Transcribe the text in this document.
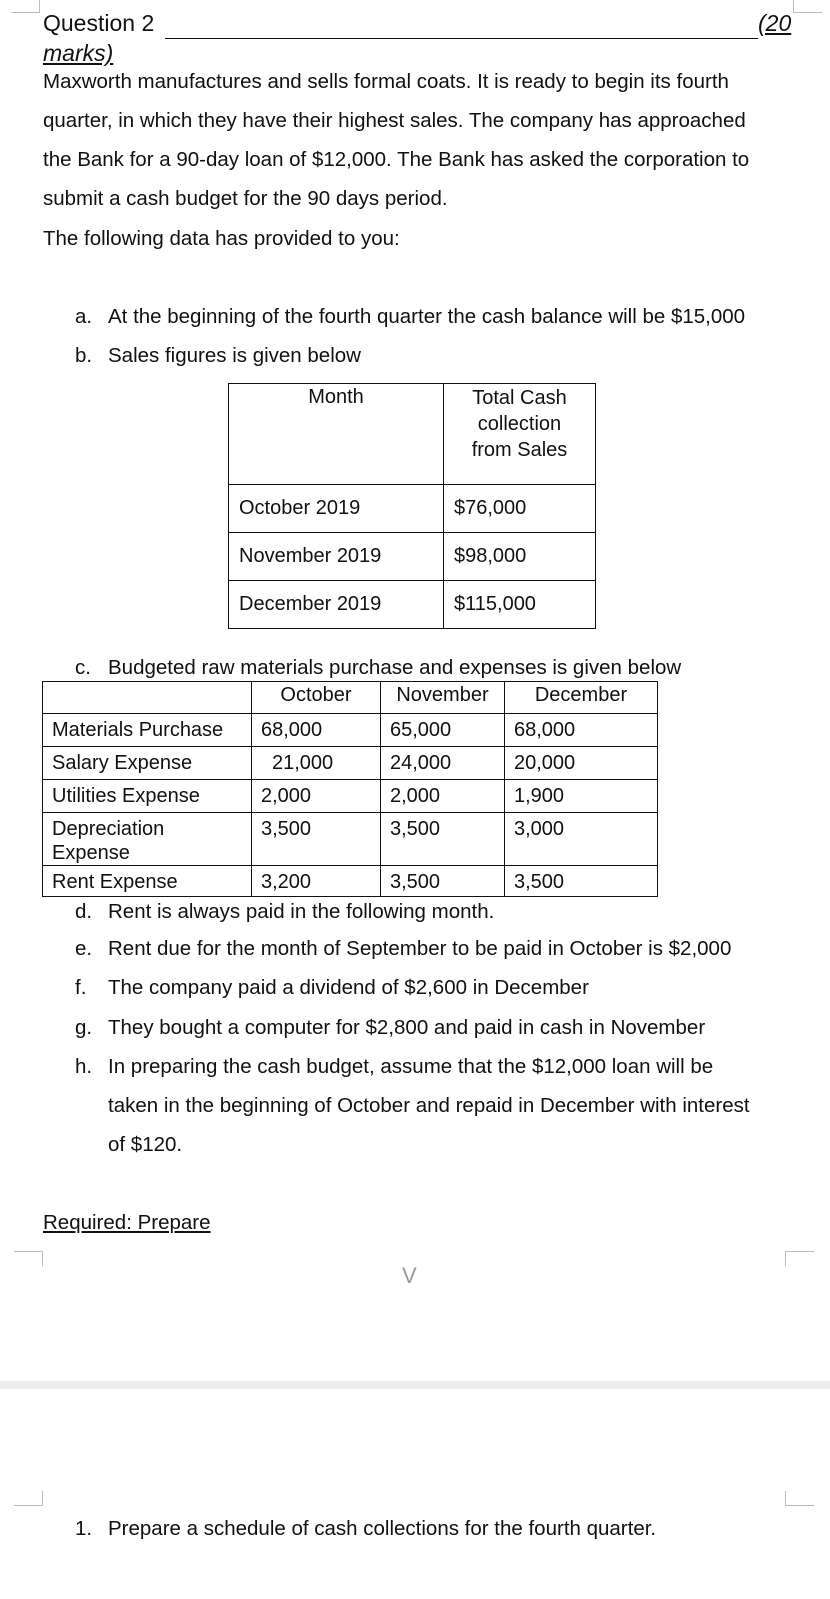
Question 2	(20
marks)
Maxworth manufactures and sells formal coats. It is ready to begin its fourth
quarter, in which they have their highest sales. The company has approached
the Bank for a 90-day loan of $12,000. The Bank has asked the corporation to
submit a cash budget for the 90 days period.
The following data has provided to you:
a. At the beginning of the fourth quarter the cash balance will be $15,000
b. Sales figures is given below
Month	Total Cash
collection
from Sales

October 2019	$76,000
November 2019	$98,000
December 2019	$115,000
c. Budgeted raw materials purchase and expenses is given below
	October	November	December
Materials Purchase	68,000	65,000	68,000
Salary Expense	21,000	24,000	20,000
Utilities Expense	2,000	2,000	1,900

Depreciation
Expense	3,500	3,500	3,000
Rent Expense	3,200	3,500	3,500
d. Rent is always paid in the following month.
e. Rent due for the month of September to be paid in October is $2,000
f. The company paid a dividend of $2,600 in December
g. They bought a computer for $2,800 and paid in cash in November
h. In preparing the cash budget, assume that the $12,000 loan will be
taken in the beginning of October and repaid in December with interest
of $120.
Required: Prepare
V
1. Prepare a schedule of cash collections for the fourth quarter.
